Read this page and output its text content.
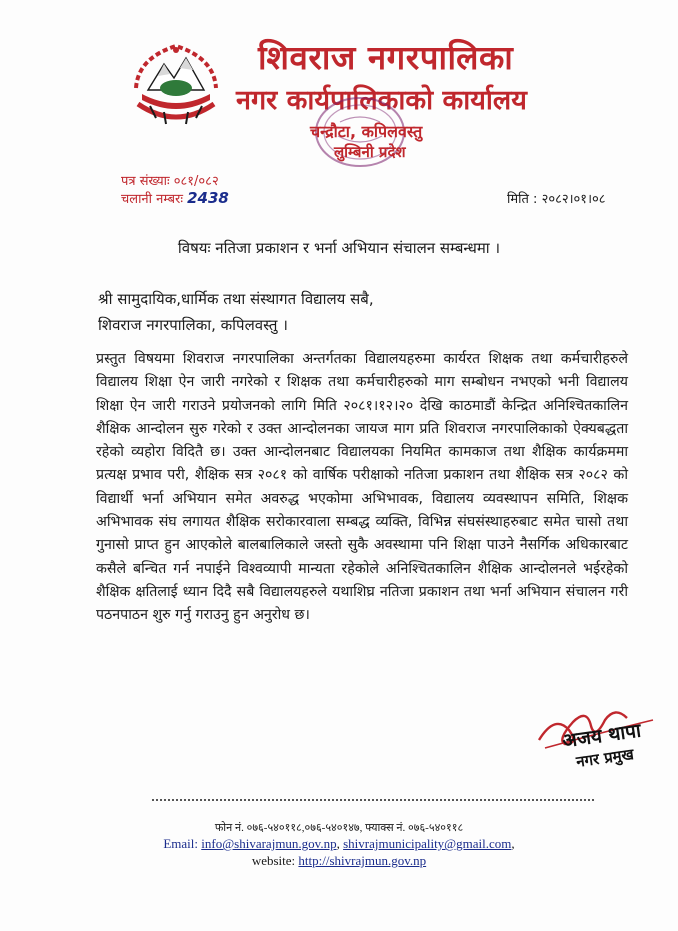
शिवराज नगरपालिका
नगर कार्यपालिकाको कार्यालय
चन्द्रौटा, कपिलवस्तु
लुम्बिनी प्रदेश
पत्र संख्याः ०८१/०८२
चलानी नम्बरः 2438	मिति : २०८२।०१।०८
विषयः नतिजा प्रकाशन र भर्ना अभियान संचालन सम्बन्धमा ।
श्री सामुदायिक,धार्मिक तथा संस्थागत विद्यालय सबै,
शिवराज नगरपालिका, कपिलवस्तु ।
प्रस्तुत विषयमा शिवराज नगरपालिका अन्तर्गतका विद्यालयहरुमा कार्यरत शिक्षक तथा कर्मचारीहरुले विद्यालय शिक्षा ऐन जारी नगरेको र शिक्षक तथा कर्मचारीहरुको माग सम्बोधन नभएको भनी विद्यालय शिक्षा ऐन जारी गराउने प्रयोजनको लागि मिति २०८१।१२।२० देखि काठमाडौं केन्द्रित अनिश्चितकालिन शैक्षिक आन्दोलन सुरु गरेको र उक्त आन्दोलनका जायज माग प्रति शिवराज नगरपालिकाको ऐक्यबद्धता रहेको व्यहोरा विदितै छ। उक्त आन्दोलनबाट विद्यालयका नियमित कामकाज तथा शैक्षिक कार्यक्रममा प्रत्यक्ष प्रभाव परी, शैक्षिक सत्र २०८१ को वार्षिक परीक्षाको नतिजा प्रकाशन तथा शैक्षिक सत्र २०८२ को विद्यार्थी भर्ना अभियान समेत अवरुद्ध भएकोमा अभिभावक, विद्यालय व्यवस्थापन समिति, शिक्षक अभिभावक संघ लगायत शैक्षिक सरोकारवाला सम्बद्ध व्यक्ति, विभिन्न संघसंस्थाहरुबाट समेत चासो तथा गुनासो प्राप्त हुन आएकोले बालबालिकाले जस्तो सुकै अवस्थामा पनि शिक्षा पाउने नैसर्गिक अधिकारबाट कसैले बन्चित गर्न नपाईने विश्वव्यापी मान्यता रहेकोले अनिश्चितकालिन शैक्षिक आन्दोलनले भईरहेको शैक्षिक क्षतिलाई ध्यान दिदै सबै विद्यालयहरुले यथाशिघ्र नतिजा प्रकाशन तथा भर्ना अभियान संचालन गरी पठनपाठन शुरु गर्नु गराउनु हुन अनुरोध छ।
अजय थापा
नगर प्रमुख
फोन नं. ०७६-५४०११८,०७६-५४०१४७, फ्याक्स नं. ०७६-५४०११८
Email: info@shivarajmun.gov.np, shivrajmunicipality@gmail.com,
website: http://shivrajmun.gov.np
